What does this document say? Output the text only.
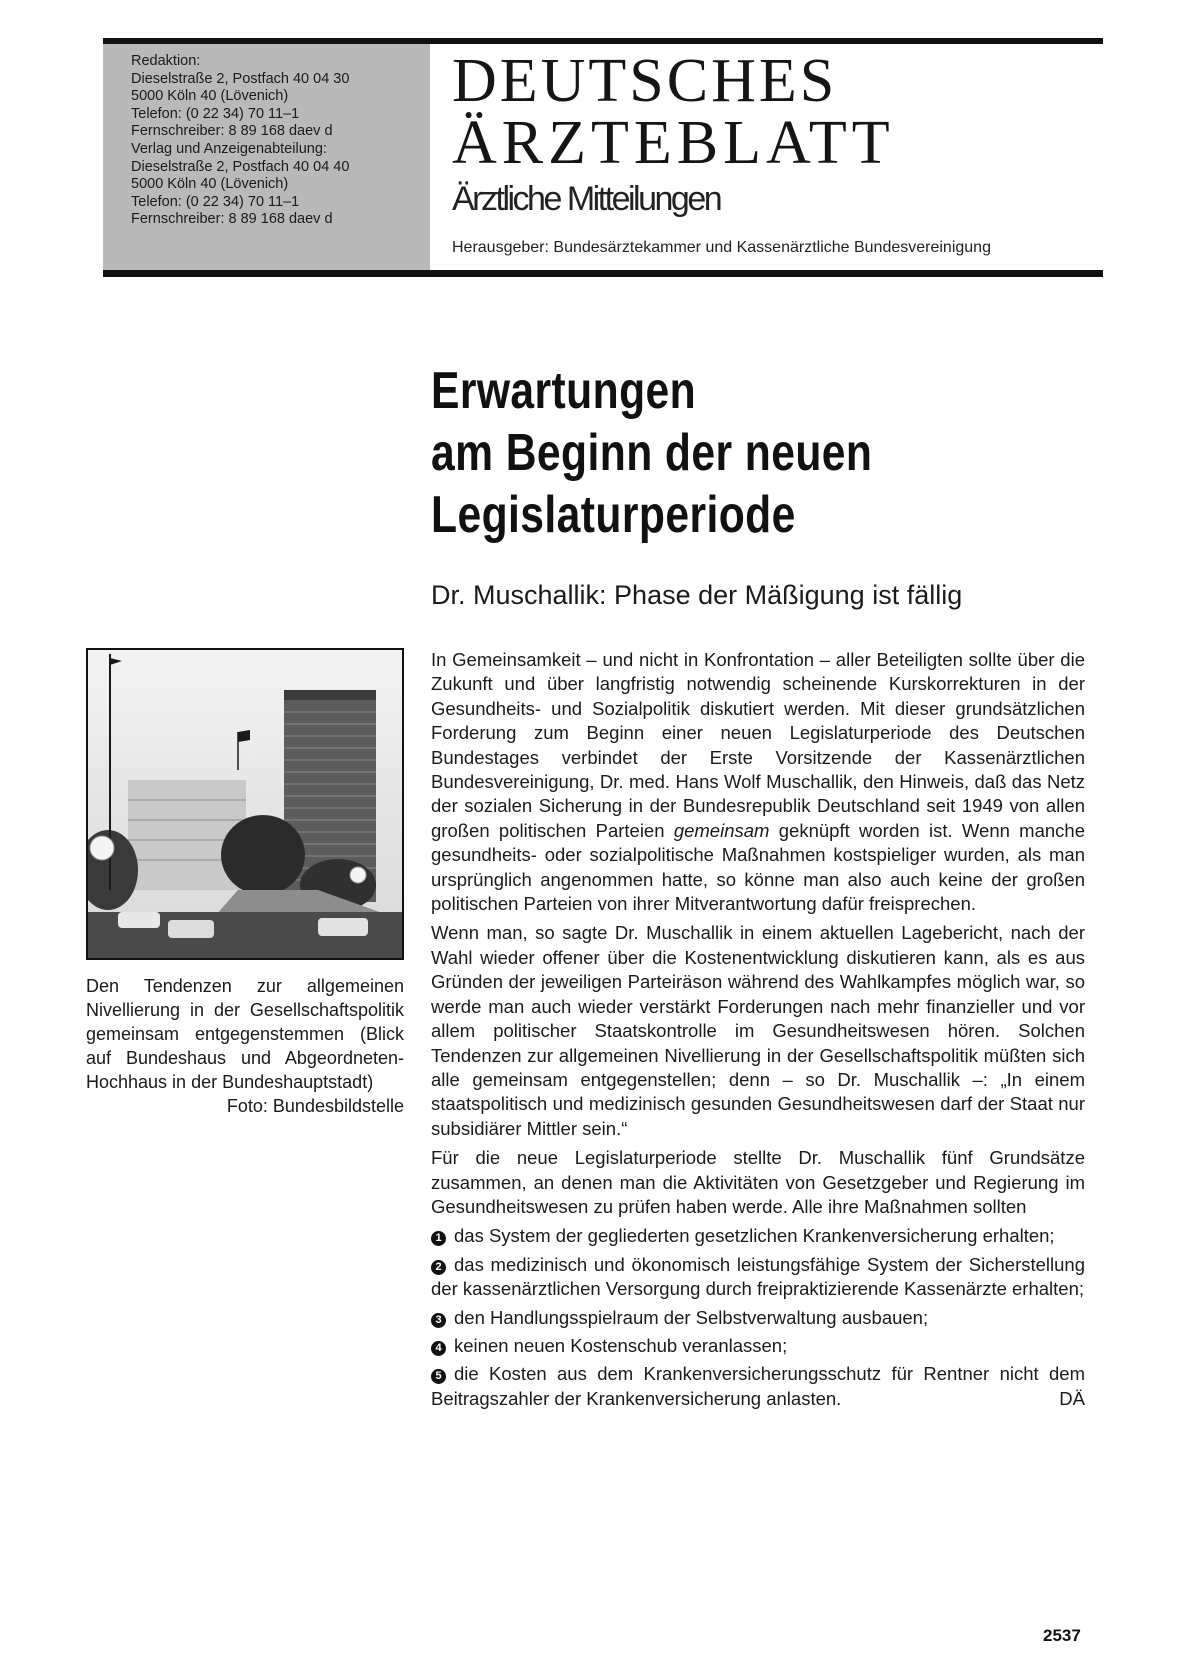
Redaktion:
Dieselstraße 2, Postfach 40 04 30
5000 Köln 40 (Lövenich)
Telefon: (0 22 34) 70 11–1
Fernschreiber: 8 89 168 daev d
Verlag und Anzeigenabteilung:
Dieselstraße 2, Postfach 40 04 40
5000 Köln 40 (Lövenich)
Telefon: (0 22 34) 70 11–1
Fernschreiber: 8 89 168 daev d
DEUTSCHES
ÄRZTEBLATT
Ärztliche Mitteilungen
Herausgeber: Bundesärztekammer und Kassenärztliche Bundesvereinigung
Erwartungen
am Beginn der neuen
Legislaturperiode
Dr. Muschallik: Phase der Mäßigung ist fällig
Den Tendenzen zur allgemeinen Nivellierung in der Gesellschaftspolitik gemeinsam entgegenstemmen (Blick auf Bundeshaus und Abgeordneten-Hochhaus in der Bundeshauptstadt)
Foto: Bundesbildstelle

In Gemeinsamkeit – und nicht in Konfrontation – aller Beteiligten sollte über die Zukunft und über langfristig notwendig scheinende Kurskorrekturen in der Gesundheits- und Sozialpolitik diskutiert werden. Mit dieser grundsätzlichen Forderung zum Beginn einer neuen Legislaturperiode des Deutschen Bundestages verbindet der Erste Vorsitzende der Kassenärztlichen Bundesvereinigung, Dr. med. Hans Wolf Muschallik, den Hinweis, daß das Netz der sozialen Sicherung in der Bundesrepublik Deutschland seit 1949 von allen großen politischen Parteien gemeinsam geknüpft worden ist. Wenn manche gesundheits- oder sozialpolitische Maßnahmen kostspieliger wurden, als man ursprünglich angenommen hatte, so könne man also auch keine der großen politischen Parteien von ihrer Mitverantwortung dafür freisprechen.

Wenn man, so sagte Dr. Muschallik in einem aktuellen Lagebericht, nach der Wahl wieder offener über die Kostenentwicklung diskutieren kann, als es aus Gründen der jeweiligen Parteiräson während des Wahlkampfes möglich war, so werde man auch wieder verstärkt Forderungen nach mehr finanzieller und vor allem politischer Staatskontrolle im Gesundheitswesen hören. Solchen Tendenzen zur allgemeinen Nivellierung in der Gesellschaftspolitik müßten sich alle gemeinsam entgegenstellen; denn – so Dr. Muschallik –: „In einem staatspolitisch und medizinisch gesunden Gesundheitswesen darf der Staat nur subsidiärer Mittler sein.“

Für die neue Legislaturperiode stellte Dr. Muschallik fünf Grundsätze zusammen, an denen man die Aktivitäten von Gesetzgeber und Regierung im Gesundheitswesen zu prüfen haben werde. Alle ihre Maßnahmen sollten

1 das System der gegliederten gesetzlichen Krankenversicherung erhalten;
2 das medizinisch und ökonomisch leistungsfähige System der Sicherstellung der kassenärztlichen Versorgung durch freipraktizierende Kassenärzte erhalten;
3 den Handlungsspielraum der Selbstverwaltung ausbauen;
4 keinen neuen Kostenschub veranlassen;
5 die Kosten aus dem Krankenversicherungsschutz für Rentner nicht dem Beitragszahler der Krankenversicherung anlasten.	DÄ
2537
